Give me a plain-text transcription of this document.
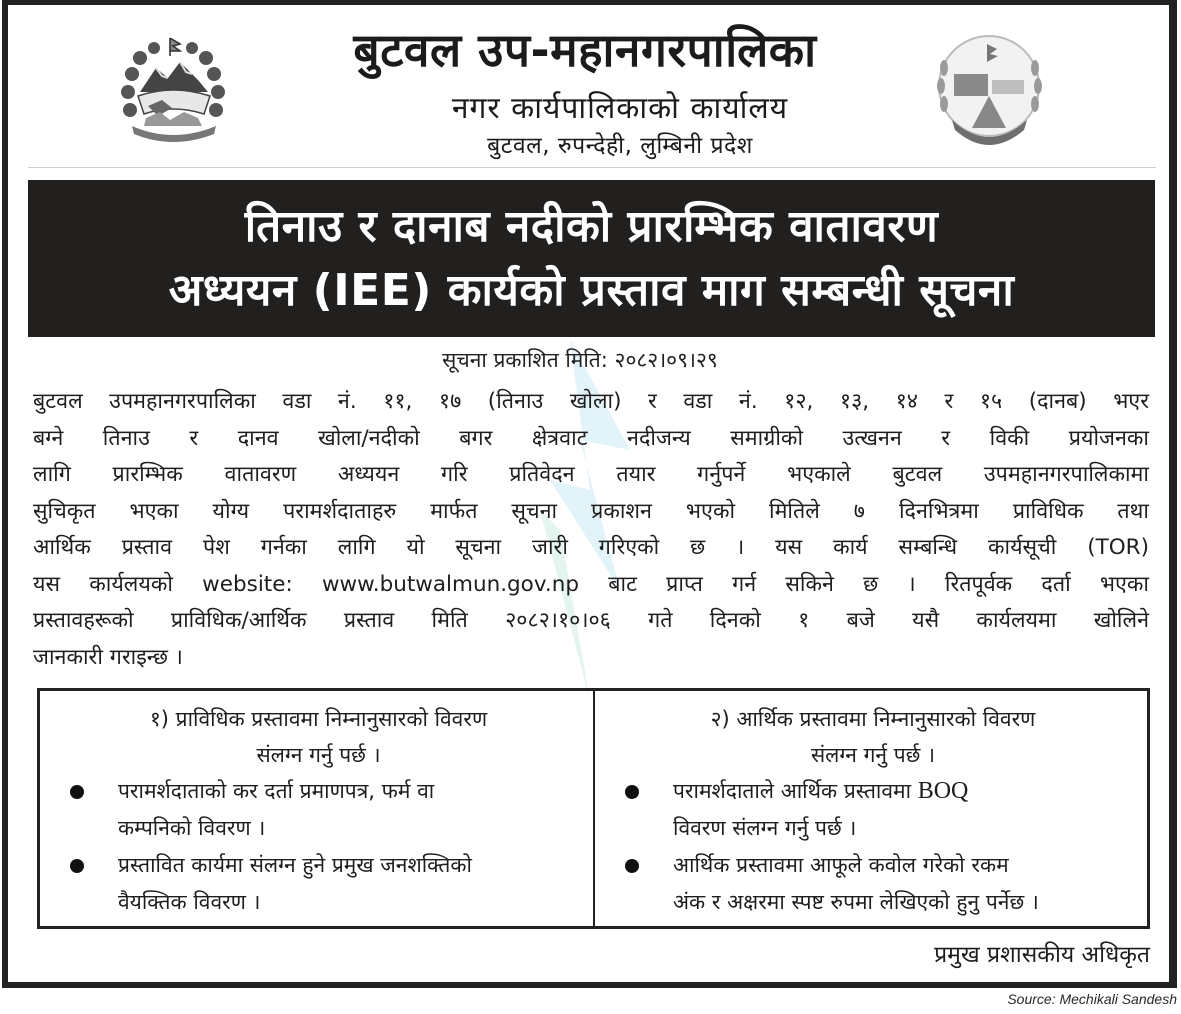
बुटवल उप-महानगरपालिका
नगर कार्यपालिकाको कार्यालय
बुटवल, रुपन्देही, लुम्बिनी प्रदेश
तिनाउ र दानाब नदीको प्रारम्भिक वातावरण
अध्ययन (IEE) कार्यको प्रस्ताव माग सम्बन्धी सूचना
सूचना प्रकाशित मिति: २०८२।०९।२९
बुटवल उपमहानगरपालिका वडा नं. ११, १७ (तिनाउ खोला) र वडा नं. १२, १३, १४ र १५ (दानब) भएर
बग्ने तिनाउ र दानव खोला/नदीको बगर क्षेत्रवाट नदीजन्य समाग्रीको उत्खनन र विकी प्रयोजनका
लागि प्रारम्भिक वातावरण अध्ययन गरि प्रतिवेदन तयार गर्नुपर्ने भएकाले बुटवल उपमहानगरपालिकामा
सुचिकृत भएका योग्य परामर्शदाताहरु मार्फत सूचना प्रकाशन भएको मितिले ७ दिनभित्रमा प्राविधिक तथा
आर्थिक प्रस्ताव पेश गर्नका लागि यो सूचना जारी गरिएको छ । यस कार्य सम्बन्धि कार्यसूची (TOR)
यस कार्यलयको website: www.butwalmun.gov.np बाट प्राप्त गर्न सकिने छ । रितपूर्वक दर्ता भएका
प्रस्तावहरूको प्राविधिक/आर्थिक प्रस्ताव मिति २०८२।१०।०६ गते दिनको १ बजे यसै कार्यलयमा खोलिने
जानकारी गराइन्छ ।
१) प्राविधिक प्रस्तावमा निम्नानुसारको विवरण
संलग्न गर्नु पर्छ ।
परामर्शदाताको कर दर्ता प्रमाणपत्र, फर्म वा
कम्पनिको विवरण ।
प्रस्तावित कार्यमा संलग्न हुने प्रमुख जनशक्तिको
वैयक्तिक विवरण ।
२) आर्थिक प्रस्तावमा निम्नानुसारको विवरण
संलग्न गर्नु पर्छ ।
परामर्शदाताले आर्थिक प्रस्तावमा BOQ
विवरण संलग्न गर्नु पर्छ ।
आर्थिक प्रस्तावमा आफूले कवोल गरेको रकम
अंक र अक्षरमा स्पष्ट रुपमा लेखिएको हुनु पर्नेछ ।
प्रमुख प्रशासकीय अधिकृत
Source: Mechikali Sandesh
